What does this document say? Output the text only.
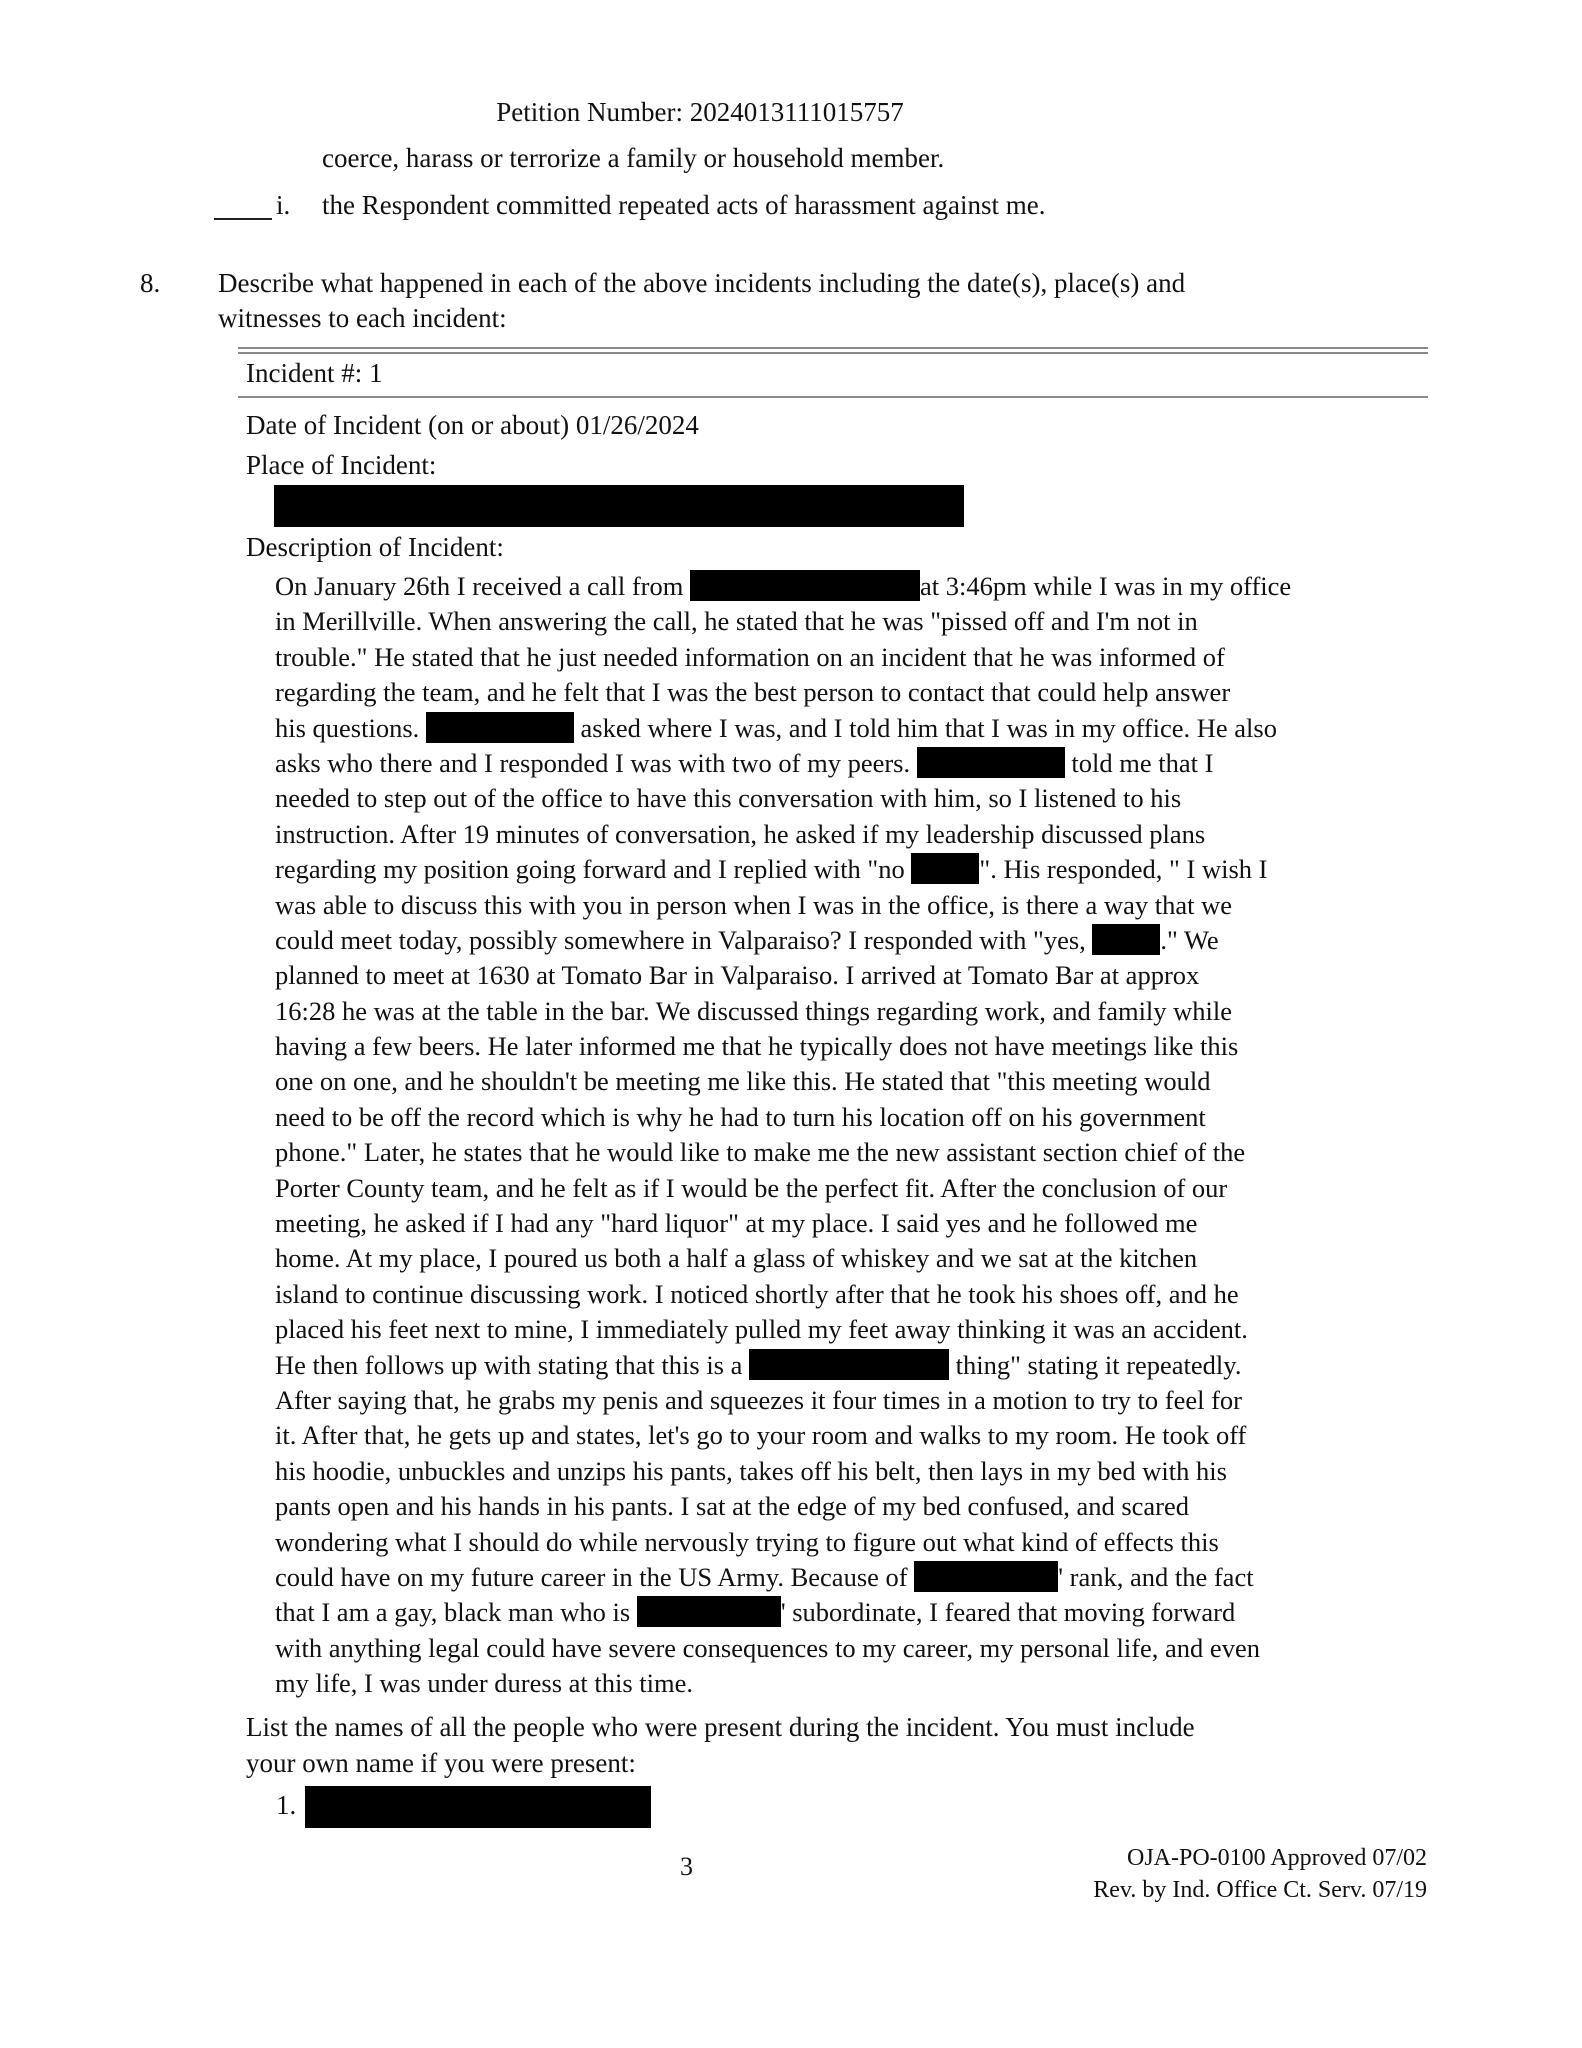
Petition Number: 2024013111015757
coerce, harass or terrorize a family or household member.
i. the Respondent committed repeated acts of harassment against me.
8. Describe what happened in each of the above incidents including the date(s), place(s) and
witnesses to each incident:
Incident #: 1
Date of Incident (on or about) 01/26/2024
Place of Incident:
Description of Incident:
On January 26th I received a call from	at 3:46pm while I was in my office
in Merillville. When answering the call, he stated that he was "pissed off and I'm not in
trouble." He stated that he just needed information on an incident that he was informed of
regarding the team, and he felt that I was the best person to contact that could help answer
his questions.	asked where I was, and I told him that I was in my office. He also
asks who there and I responded I was with two of my peers.	told me that I
needed to step out of the office to have this conversation with him, so I listened to his
instruction. After 19 minutes of conversation, he asked if my leadership discussed plans
regarding my position going forward and I replied with "no	". His responded, " I wish I
was able to discuss this with you in person when I was in the office, is there a way that we
could meet today, possibly somewhere in Valparaiso? I responded with "yes,	." We
planned to meet at 1630 at Tomato Bar in Valparaiso. I arrived at Tomato Bar at approx
16:28 he was at the table in the bar. We discussed things regarding work, and family while
having a few beers. He later informed me that he typically does not have meetings like this
one on one, and he shouldn't be meeting me like this. He stated that "this meeting would
need to be off the record which is why he had to turn his location off on his government
phone." Later, he states that he would like to make me the new assistant section chief of the
Porter County team, and he felt as if I would be the perfect fit. After the conclusion of our
meeting, he asked if I had any "hard liquor" at my place. I said yes and he followed me
home. At my place, I poured us both a half a glass of whiskey and we sat at the kitchen
island to continue discussing work. I noticed shortly after that he took his shoes off, and he
placed his feet next to mine, I immediately pulled my feet away thinking it was an accident.
He then follows up with stating that this is a	thing" stating it repeatedly.
After saying that, he grabs my penis and squeezes it four times in a motion to try to feel for
it. After that, he gets up and states, let's go to your room and walks to my room. He took off
his hoodie, unbuckles and unzips his pants, takes off his belt, then lays in my bed with his
pants open and his hands in his pants. I sat at the edge of my bed confused, and scared
wondering what I should do while nervously trying to figure out what kind of effects this
could have on my future career in the US Army. Because of	' rank, and the fact
that I am a gay, black man who is	' subordinate, I feared that moving forward
with anything legal could have severe consequences to my career, my personal life, and even
my life, I was under duress at this time.
List the names of all the people who were present during the incident. You must include
your own name if you were present:
1.
3	OJA-PO-0100 Approved 07/02
Rev. by Ind. Office Ct. Serv. 07/19
